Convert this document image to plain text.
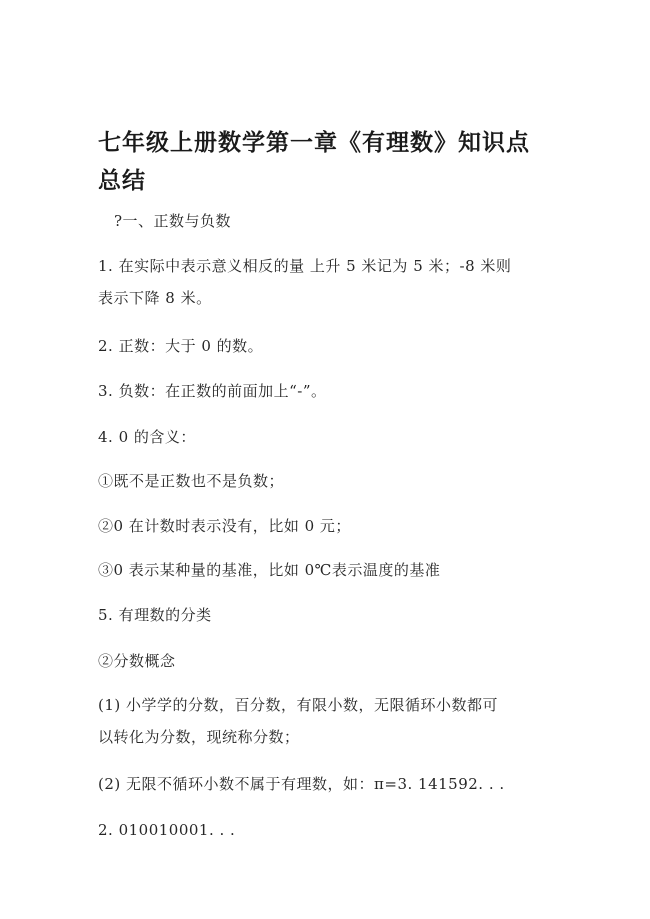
七年级上册数学第一章《有理数》知识点
总结
?一、正数与负数
1. 在实际中表示意义相反的量 上升 5 米记为 5 米；-8 米则
表示下降 8 米。
2. 正数：大于 0 的数。
3. 负数：在正数的前面加上“-”。
4. 0 的含义：
①既不是正数也不是负数；
②0 在计数时表示没有，比如 0 元；
③0 表示某种量的基准，比如 0℃表示温度的基准
5. 有理数的分类
②分数概念
(1) 小学学的分数，百分数，有限小数，无限循环小数都可
以转化为分数，现统称分数；
(2) 无限不循环小数不属于有理数，如：π=3. 141592. . .
2. 010010001. . .
